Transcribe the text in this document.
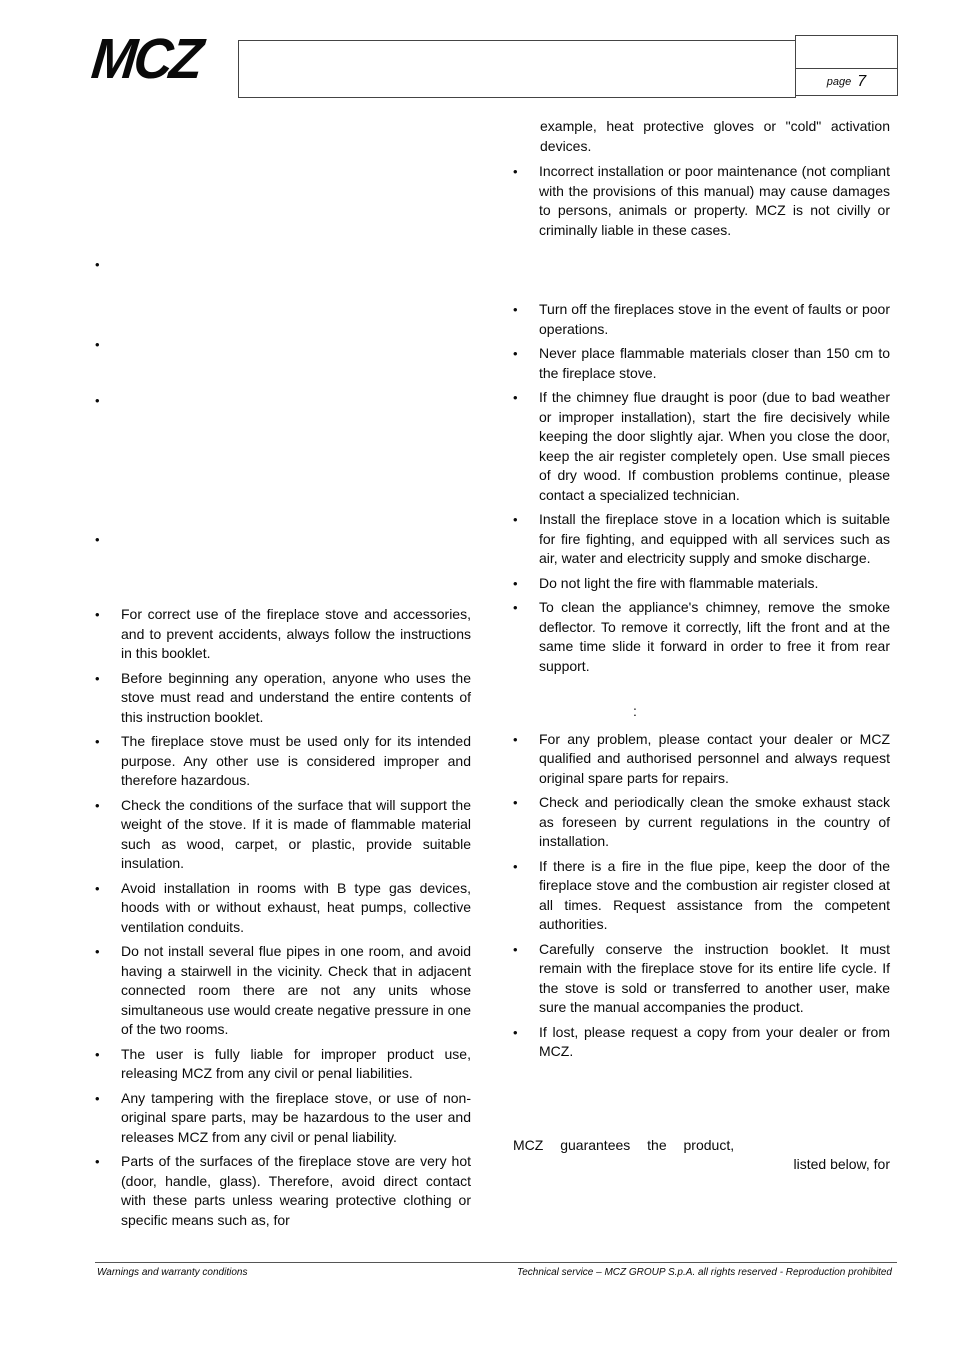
MCZ	page 7
•
•
•
•
•	For correct use of the fireplace stove and accessories, and to prevent accidents, always follow the instructions in this booklet.
•	Before beginning any operation, anyone who uses the stove must read and understand the entire contents of this instruction booklet.
•	The fireplace stove must be used only for its intended purpose. Any other use is considered improper and therefore hazardous.
•	Check the conditions of the surface that will support the weight of the stove. If it is made of flammable material such as wood, carpet, or plastic, provide suitable insulation.
•	Avoid installation in rooms with B type gas devices, hoods with or without exhaust, heat pumps, collective ventilation conduits.
•	Do not install several flue pipes in one room, and avoid having a stairwell in the vicinity. Check that in adjacent connected room there are not any units whose simultaneous use would create negative pressure in one of the two rooms.
•	The user is fully liable for improper product use, releasing MCZ from any civil or penal liabilities.
•	Any tampering with the fireplace stove, or use of non-original spare parts, may be hazardous to the user and releases MCZ from any civil or penal liability.
•	Parts of the surfaces of the fireplace stove are very hot (door, handle, glass). Therefore, avoid direct contact with these parts unless wearing protective clothing or specific means such as, for
example, heat protective gloves or "cold" activation devices.
•	Incorrect installation or poor maintenance (not compliant with the provisions of this manual) may cause damages to persons, animals or property. MCZ is not civilly or criminally liable in these cases.
•	Turn off the fireplaces stove in the event of faults or poor operations.
•	Never place flammable materials closer than 150 cm to the fireplace stove.
•	If the chimney flue draught is poor (due to bad weather or improper installation), start the fire decisively while keeping the door slightly ajar. When you close the door, keep the air register completely open. Use small pieces of dry wood. If combustion problems continue, please contact a specialized technician.
•	Install the fireplace stove in a location which is suitable for fire fighting, and equipped with all services such as air, water and electricity supply and smoke discharge.
•	Do not light the fire with flammable materials.
•	To clean the appliance's chimney, remove the smoke deflector. To remove it correctly, lift the front and at the same time slide it forward in order to free it from rear support.
:
•	For any problem, please contact your dealer or MCZ qualified and authorised personnel and always request original spare parts for repairs.
•	Check and periodically clean the smoke exhaust stack as foreseen by current regulations in the country of installation.
•	If there is a fire in the flue pipe, keep the door of the fireplace stove and the combustion air register closed at all times. Request assistance from the competent authorities.
•	Carefully conserve the instruction booklet. It must remain with the fireplace stove for its entire life cycle. If the stove is sold or transferred to another user, make sure the manual accompanies the product.
•	If lost, please request a copy from your dealer or from MCZ.
MCZ guarantees the product,
listed below, for
Warnings and warranty conditions	Technical service – MCZ GROUP S.p.A. all rights reserved - Reproduction prohibited
